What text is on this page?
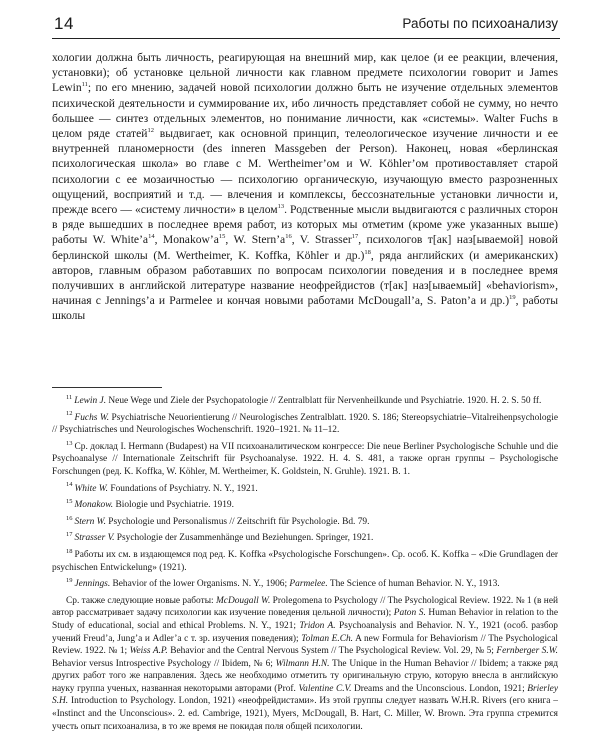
14	Работы по психоанализу

хологии должна быть личность, реагирующая на внешний мир, как целое (и ее реакции, влечения, установки); об установке цельной личности как главном предмете психологии говорит и James Lewin$^{11}$; по его мнению, задачей новой психологии должно быть не изучение отдельных элементов психической деятельности и суммирование их, ибо личность представляет собой не сумму, но нечто большее — синтез отдельных элементов, но понимание личности, как «системы». Walter Fuchs в целом ряде статей$^{12}$ выдвигает, как основной принцип, телеологическое изучение личности и ее внутренней планомерности (des inneren Massgeben der Person). Наконец, новая «берлинская психологическая школа» во главе с M. Wertheimer’ом и W. Köhler’ом противоставляет старой психологии с ее мозаичностью — психологию органическую, изучающую вместо разрозненных ощущений, восприятий и т.д. — влечения и комплексы, бессознательные установки личности и, прежде всего — «систему личности» в целом$^{13}$. Родственные мысли выдвигаются с различных сторон в ряде вышедших в последнее время работ, из которых мы отметим (кроме уже указанных выше) работы W. $White’a^{14}$, $Monakow’a^{15}$, W. $Stern’a^{16}$, V. Strasser$^{17}$, психологов т[ак] наз[ываемой] новой берлинской школы (M. Wertheimer, K. Koffka, Köhler и др.)$^{18}$, ряда английских (и американских) авторов, главным образом работавших по вопросам психологии поведения и в последнее время получивших в английской литературе название неофрейдистов (т[ак] наз[ываемый] «behaviorism», начиная с Jennings’a и Parmelee и кончая новыми работами McDougall’a, S. Paton’a и др.)$^{19}$, работы школы

$^{11}$ Lewin J. Neue Wege und Ziele der Psychopatologie // Zentralblatt für Nervenheilkunde und Psychiatrie. 1920. H. 2. S. 50 ff.

$^{12}$ Fuchs W. Psychiatrische Neuorientierung // Neurologisches Zentralblatt. 1920. S. 186; Stereopsychiatrie–Vitalreihenpsychologie // Psychiatrisches und Neurologisches Wochenschrift. 1920–1921. № 11–12.

$^{13}$ Ср. доклад I. Hermann (Budapest) на VII психоаналитическом конгрессе: Die neue Berliner Psychologische Schuhle und die Psychoanalyse // Internationale Zeitschrift für Psychoanalyse. 1922. H. 4. S. 481, а также орган группы – Psychologische Forschungen (ред. K. Koffka, W. Köhler, M. Wertheimer, K. Goldstein, N. Gruhle). 1921. B. 1.

$^{14}$ White W. Foundations of Psychiatry. N. Y., 1921.

$^{15}$ Monakow. Biologie und Psychiatrie. 1919.

$^{16}$ Stern W. Psychologie und Personalismus // Zeitschrift für Psychologie. Bd. 79.

$^{17}$ Strasser V. Psychologie der Zusammenhänge und Beziehungen. Springer, 1921.

$^{18}$ Работы их см. в издающемся под ред. K. Koffka «Psychologische Forschungen». Ср. особ. K. Koffka – «Die Grundlagen der psychischen Entwickelung» (1921).

$^{19}$ Jennings. Behavior of the lower Organisms. N. Y., 1906; Parmelee. The Science of human Behavior. N. Y., 1913.

Ср. также следующие новые работы: McDougall W. Prolegomena to Psychology // The Psychological Review. 1922. № 1 (в ней автор рассматривает задачу психологии как изучение поведения цельной личности); Paton S. Human Behavior in relation to the Study of educational, social and ethical Problems. N. Y., 1921; Tridon A. Psychoanalysis and Behavior. N. Y., 1921 (особ. разбор учений Freud’a, Jung’a и Adler’a с т. зр. изучения поведения); Tolman E.Ch. A new Formula for Behaviorism // The Psychological Review. 1922. № 1; Weiss A.P. Behavior and the Central Nervous System // The Psychological Review. Vol. 29, № 5; Fernberger S.W. Behavior versus Introspective Psychology // Ibidem, № 6; Wilmann H.N. The Unique in the Human Behavior // Ibidem; а также ряд других работ того же направления. Здесь же необходимо отметить ту оригинальную струю, которую внесла в английскую науку группа ученых, названная некоторыми авторами (Prof. Valentine C.V. Dreams and the Unconscious. London, 1921; Brierley S.H. Introduction to Psychology. London, 1921) «неофрейдистами». Из этой группы следует назвать W.H.R. Rivers (его книга – «Instinct and the Unconscious». 2. ed. Cambrige, 1921), Myers, McDougall, B. Hart, C. Miller, W. Brown. Эта группа стремится учесть опыт психоанализа, в то же время не покидая поля общей психологии.
